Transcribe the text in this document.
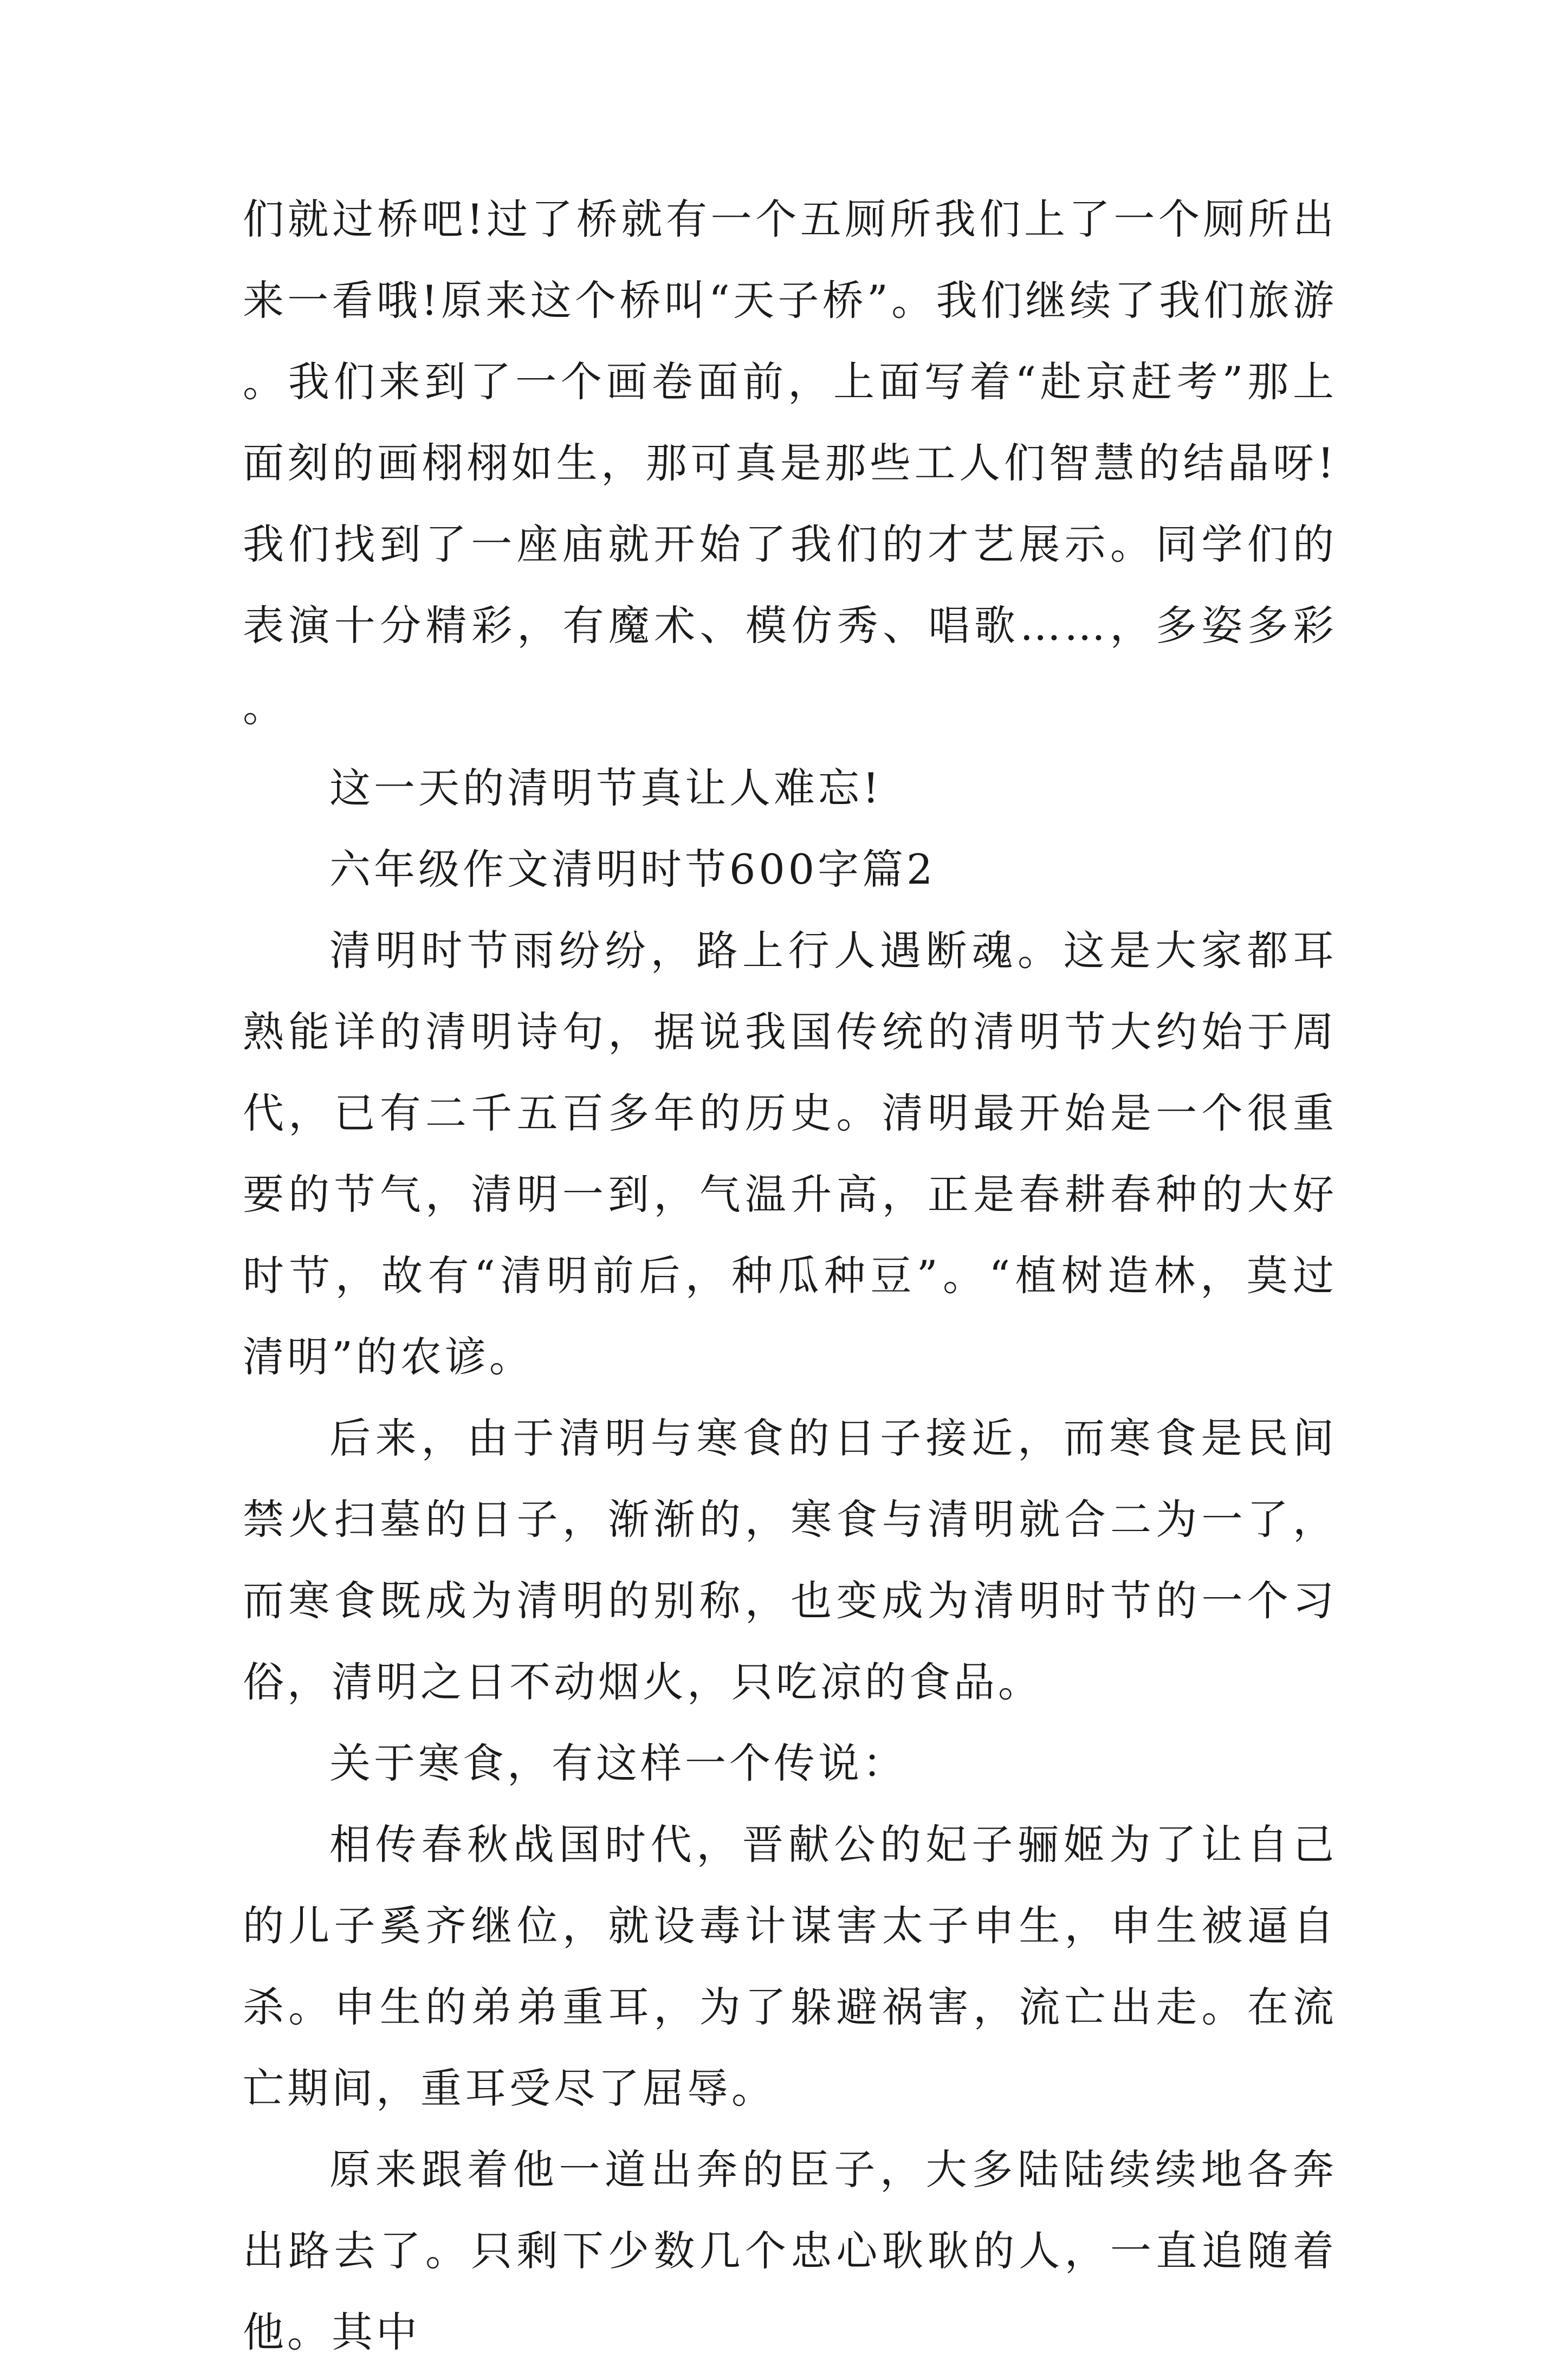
们就过桥吧!过了桥就有一个五厕所我们上了一个厕所出来一看哦!原来这个桥叫“天子桥”。我们继续了我们旅游。我们来到了一个画卷面前，上面写着“赴京赶考”那上面刻的画栩栩如生，那可真是那些工人们智慧的结晶呀!我们找到了一座庙就开始了我们的才艺展示。同学们的表演十分精彩，有魔术、模仿秀、唱歌……，多姿多彩。

这一天的清明节真让人难忘!

六年级作文清明时节600字篇2

清明时节雨纷纷，路上行人遇断魂。这是大家都耳熟能详的清明诗句，据说我国传统的清明节大约始于周代，已有二千五百多年的历史。清明最开始是一个很重要的节气，清明一到，气温升高，正是春耕春种的大好时节，故有“清明前后，种瓜种豆”。“植树造林，莫过清明”的农谚。

后来，由于清明与寒食的日子接近，而寒食是民间禁火扫墓的日子，渐渐的，寒食与清明就合二为一了，而寒食既成为清明的别称，也变成为清明时节的一个习俗，清明之日不动烟火，只吃凉的食品。

关于寒食，有这样一个传说：

相传春秋战国时代，晋献公的妃子骊姬为了让自己的儿子奚齐继位，就设毒计谋害太子申生，申生被逼自杀。申生的弟弟重耳，为了躲避祸害，流亡出走。在流亡期间，重耳受尽了屈辱。

原来跟着他一道出奔的臣子，大多陆陆续续地各奔出路去了。只剩下少数几个忠心耿耿的人，一直追随着他。其中
